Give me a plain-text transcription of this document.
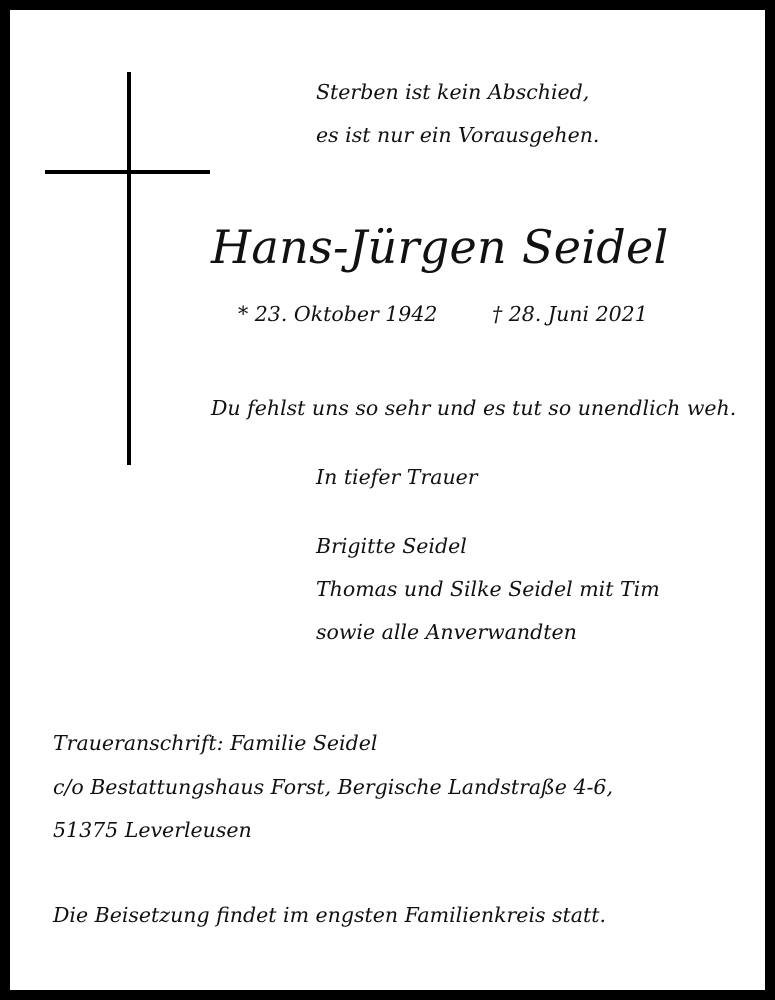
Sterben ist kein Abschied,

es ist nur ein Vorausgehen.

Hans-Jürgen Seidel

* 23. Oktober 1942	† 28. Juni 2021

Du fehlst uns so sehr und es tut so unendlich weh.

In tiefer Trauer

Brigitte Seidel

Thomas und Silke Seidel mit Tim

sowie alle Anverwandten

Traueranschrift: Familie Seidel

c/o Bestattungshaus Forst, Bergische Landstraße 4-6,

51375 Leverleusen

Die Beisetzung findet im engsten Familienkreis statt.
